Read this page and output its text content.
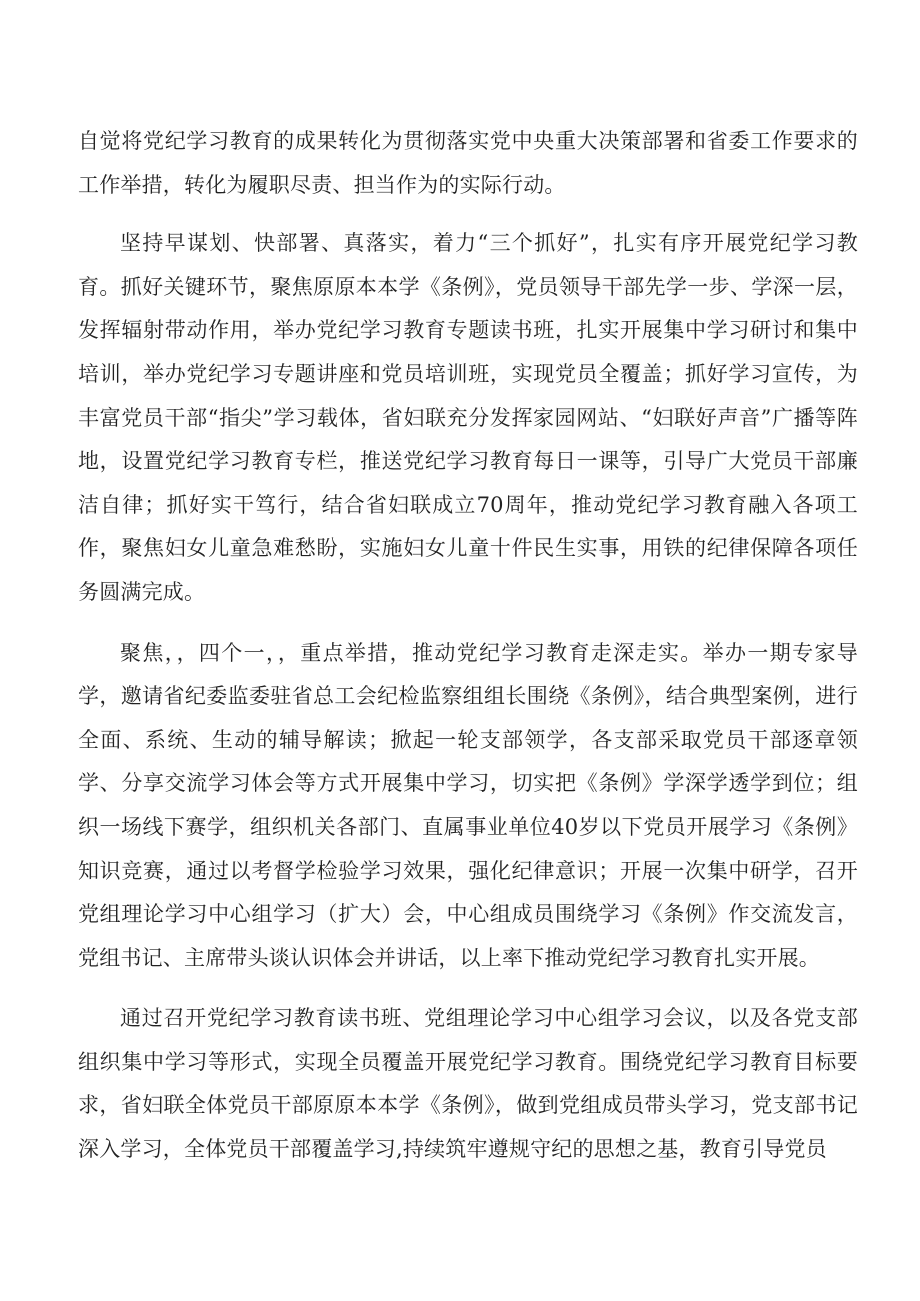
自觉将党纪学习教育的成果转化为贯彻落实党中央重大决策部署和省委工作要求的工作举措，转化为履职尽责、担当作为的实际行动。

坚持早谋划、快部署、真落实，着力“三个抓好”，扎实有序开展党纪学习教育。抓好关键环节，聚焦原原本本学《条例》，党员领导干部先学一步、学深一层，发挥辐射带动作用，举办党纪学习教育专题读书班，扎实开展集中学习研讨和集中培训，举办党纪学习专题讲座和党员培训班，实现党员全覆盖；抓好学习宣传，为丰富党员干部“指尖”学习载体，省妇联充分发挥家园网站、“妇联好声音”广播等阵地，设置党纪学习教育专栏，推送党纪学习教育每日一课等，引导广大党员干部廉洁自律；抓好实干笃行，结合省妇联成立70周年，推动党纪学习教育融入各项工作，聚焦妇女儿童急难愁盼，实施妇女儿童十件民生实事，用铁的纪律保障各项任务圆满完成。

聚焦，，四个一，，重点举措，推动党纪学习教育走深走实。举办一期专家导学，邀请省纪委监委驻省总工会纪检监察组组长围绕《条例》，结合典型案例，进行全面、系统、生动的辅导解读；掀起一轮支部领学，各支部采取党员干部逐章领学、分享交流学习体会等方式开展集中学习，切实把《条例》学深学透学到位；组织一场线下赛学，组织机关各部门、直属事业单位40岁以下党员开展学习《条例》知识竞赛，通过以考督学检验学习效果，强化纪律意识；开展一次集中研学，召开党组理论学习中心组学习（扩大）会，中心组成员围绕学习《条例》作交流发言，党组书记、主席带头谈认识体会并讲话，以上率下推动党纪学习教育扎实开展。

通过召开党纪学习教育读书班、党组理论学习中心组学习会议，以及各党支部组织集中学习等形式，实现全员覆盖开展党纪学习教育。围绕党纪学习教育目标要求，省妇联全体党员干部原原本本学《条例》，做到党组成员带头学习，党支部书记深入学习，全体党员干部覆盖学习,持续筑牢遵规守纪的思想之基，教育引导党员
